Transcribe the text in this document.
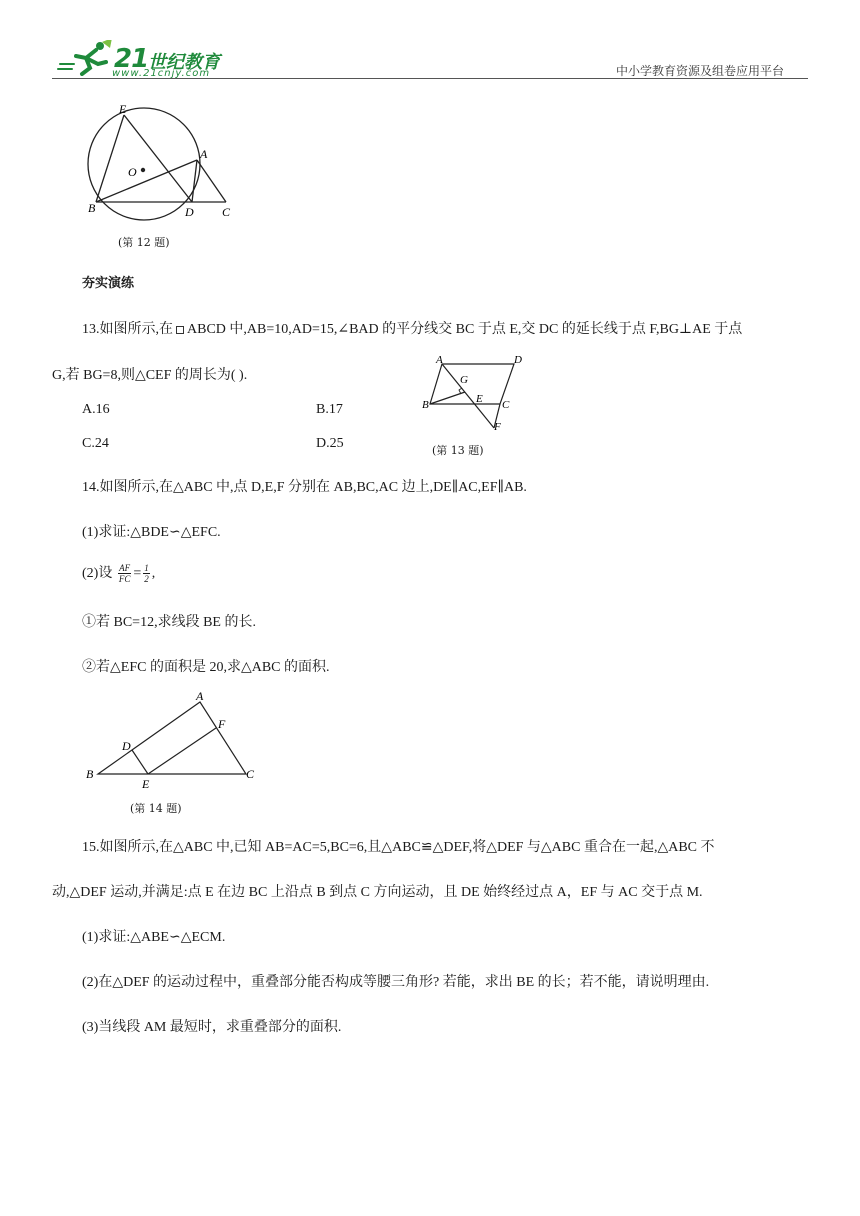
21 世纪教育
www.21cnjy.com	中小学教育资源及组卷应用平台
E
A
O
B	D C
(第 12 题)
夯实演练
13.如图所示,在 ABCD 中,AB=10,AD=15,∠BAD 的平分线交 BC 于点 E,交 DC 的延长线于点 F,BG⊥AE 于点
G,若 BG=8,则△CEF 的周长为( ).
A.16	B.17
C.24	D.25
A	D
G
B	E C
F
(第 13 题)
14.如图所示,在△ABC 中,点 D,E,F 分别在 AB,BC,AC 边上,DE∥AC,EF∥AB.
(1)求证:△BDE∽△EFC.
(2)设 $\frac{AF}{FC} = \frac{1}{2}$ ,
①若 BC=12,求线段 BE 的长.
②若△EFC 的面积是 20,求△ABC 的面积.
A
F
D
B
E
C
(第 14 题)
15.如图所示,在△ABC 中,已知 AB=AC=5,BC=6,且△ABC≌△DEF,将△DEF 与△ABC 重合在一起,△ABC 不
动,△DEF 运动,并满足:点 E 在边 BC 上沿点 B 到点 C 方向运动，且 DE 始终经过点 A，EF 与 AC 交于点 M.
(1)求证:△ABE∽△ECM.
(2)在△DEF 的运动过程中，重叠部分能否构成等腰三角形? 若能，求出 BE 的长；若不能，请说明理由.
(3)当线段 AM 最短时，求重叠部分的面积.
